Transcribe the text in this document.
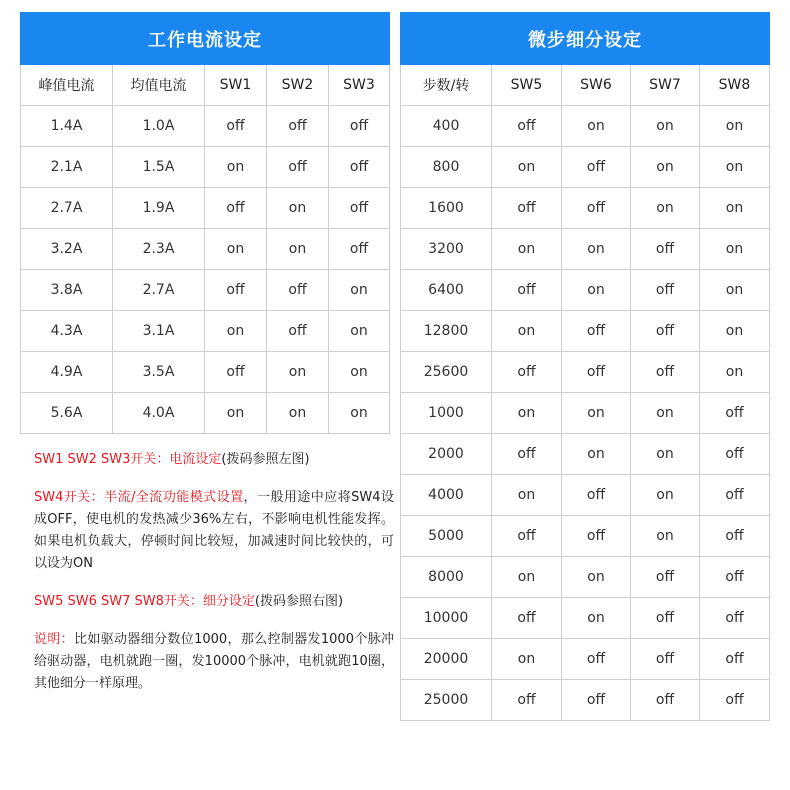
工作电流设定				
峰值电流	均值电流	SW1	SW2	SW3
1.4A	1.0A	off	off	off
2.1A	1.5A	on	off	off
2.7A	1.9A	off	on	off
3.2A	2.3A	on	on	off
3.8A	2.7A	off	off	on
4.3A	3.1A	on	off	on
4.9A	3.5A	off	on	on
5.6A	4.0A	on	on	on
微步细分设定				
步数/转	SW5	SW6	SW7	SW8
400	off	on	on	on
800	on	off	on	on
1600	off	off	on	on
3200	on	on	off	on
6400	off	on	off	on
12800	on	off	off	on
25600	off	off	off	on
1000	on	on	on	off
2000	off	on	on	off
4000	on	off	on	off
5000	off	off	on	off
8000	on	on	off	off
10000	off	on	off	off
20000	on	off	off	off
25000	off	off	off	off

SW1 SW2 SW3开关：电流设定(拨码参照左图)

SW4开关：半流/全流功能模式设置，一般用途中应将SW4设成OFF，使电机的发热减少36%左右，不影响电机性能发挥。如果电机负载大，停顿时间比较短，加减速时间比较快的，可以设为ON

SW5 SW6 SW7 SW8开关：细分设定(拨码参照右图)

说明：比如驱动器细分数位1000，那么控制器发1000个脉冲给驱动器，电机就跑一圈，发10000个脉冲，电机就跑10圈，其他细分一样原理。
